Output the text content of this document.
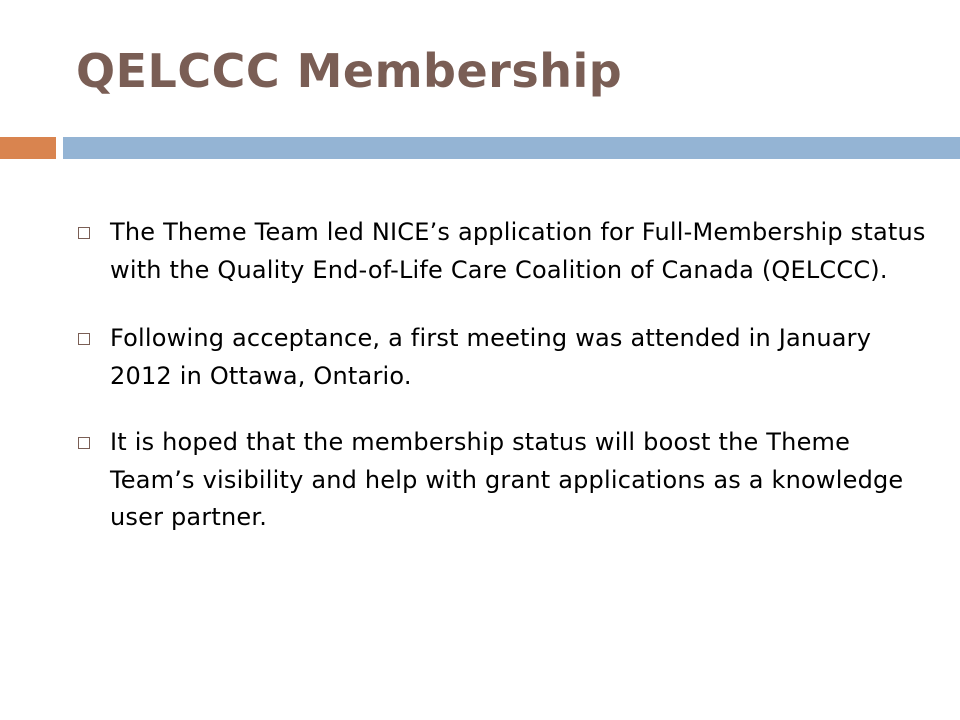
QELCCC Membership
The Theme Team led NICE’s application for Full-Membership status with the Quality End-of-Life Care Coalition of Canada (QELCCC).
Following acceptance, a first meeting was attended in January 2012 in Ottawa, Ontario.
It is hoped that the membership status will boost the Theme Team’s visibility and help with grant applications as a knowledge user partner.
